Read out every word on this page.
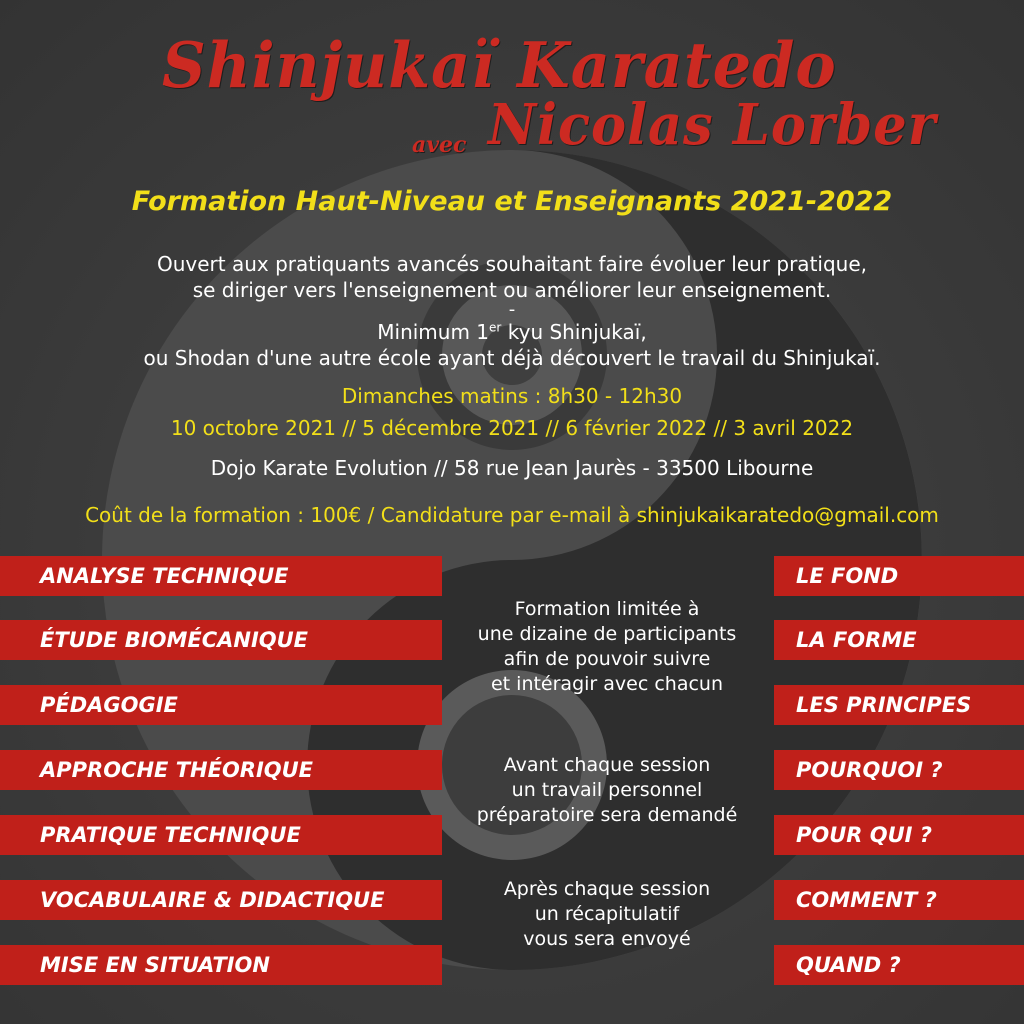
Shinjukaï Karatedo
avec Nicolas Lorber
Formation Haut-Niveau et Enseignants 2021-2022
Ouvert aux pratiquants avancés souhaitant faire évoluer leur pratique,
se diriger vers l'enseignement ou améliorer leur enseignement.
-
Minimum 1er kyu Shinjukaï,
ou Shodan d'une autre école ayant déjà découvert le travail du Shinjukaï.
Dimanches matins : 8h30 - 12h30
10 octobre 2021 // 5 décembre 2021 // 6 février 2022 // 3 avril 2022
Dojo Karate Evolution // 58 rue Jean Jaurès - 33500 Libourne
Coût de la formation : 100€ / Candidature par e-mail à shinjukaikaratedo@gmail.com
ANALYSE TECHNIQUE
ÉTUDE BIOMÉCANIQUE
PÉDAGOGIE
APPROCHE THÉORIQUE
PRATIQUE TECHNIQUE
VOCABULAIRE & DIDACTIQUE
MISE EN SITUATION
LE FOND
LA FORME
LES PRINCIPES
POURQUOI ?
POUR QUI ?
COMMENT ?
QUAND ?
Formation limitée à
une dizaine de participants
afin de pouvoir suivre
et intéragir avec chacun
Avant chaque session
un travail personnel
préparatoire sera demandé
Après chaque session
un récapitulatif
vous sera envoyé
